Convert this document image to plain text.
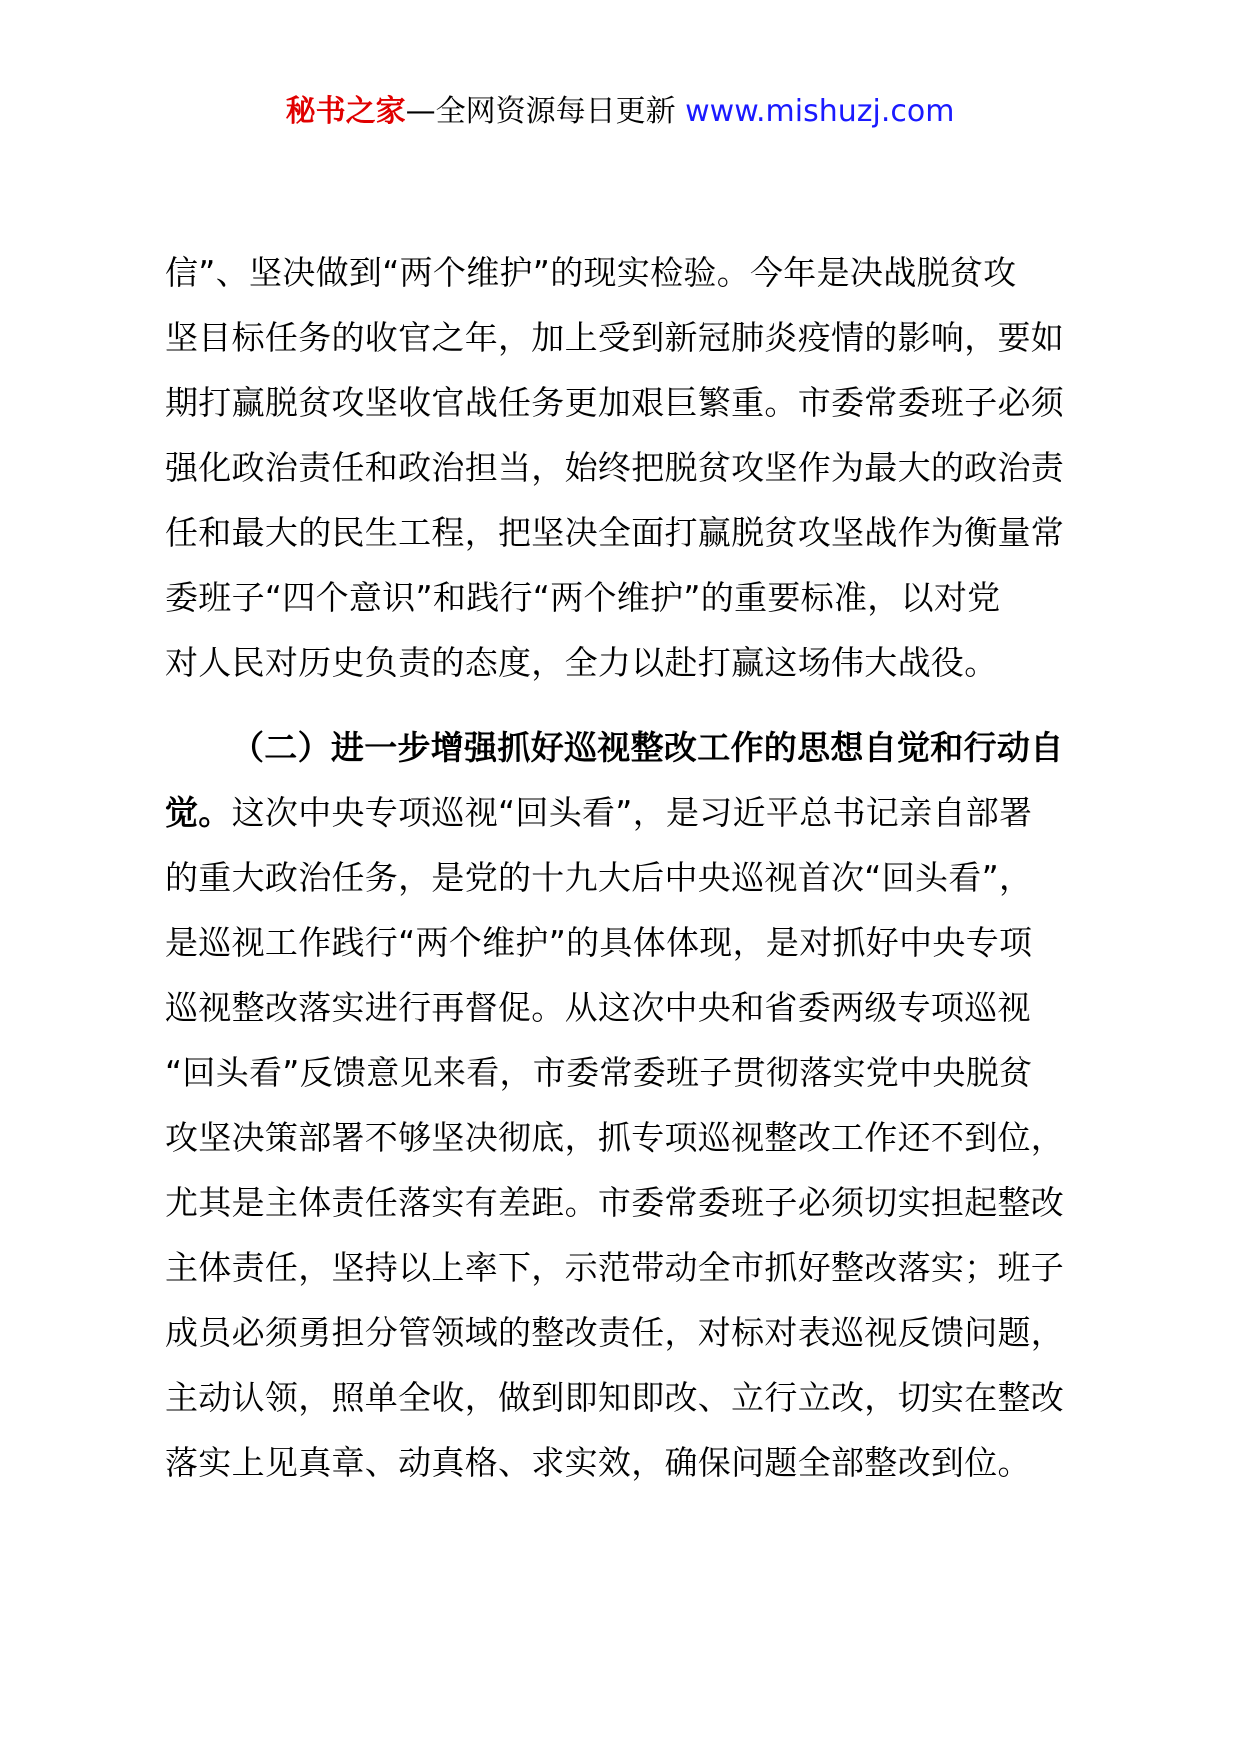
秘书之家—全网资源每日更新 www.mishuzj.com
信”、坚决做到“两个维护”的现实检验。今年是决战脱贫攻
坚目标任务的收官之年，加上受到新冠肺炎疫情的影响，要如
期打赢脱贫攻坚收官战任务更加艰巨繁重。市委常委班子必须
强化政治责任和政治担当，始终把脱贫攻坚作为最大的政治责
任和最大的民生工程，把坚决全面打赢脱贫攻坚战作为衡量常
委班子“四个意识”和践行“两个维护”的重要标准，以对党
对人民对历史负责的态度，全力以赴打赢这场伟大战役。
（二）进一步增强抓好巡视整改工作的思想自觉和行动自
觉。这次中央专项巡视“回头看”，是习近平总书记亲自部署
的重大政治任务，是党的十九大后中央巡视首次“回头看”，
是巡视工作践行“两个维护”的具体体现，是对抓好中央专项
巡视整改落实进行再督促。从这次中央和省委两级专项巡视
“回头看”反馈意见来看，市委常委班子贯彻落实党中央脱贫
攻坚决策部署不够坚决彻底，抓专项巡视整改工作还不到位，
尤其是主体责任落实有差距。市委常委班子必须切实担起整改
主体责任，坚持以上率下，示范带动全市抓好整改落实；班子
成员必须勇担分管领域的整改责任，对标对表巡视反馈问题，
主动认领，照单全收，做到即知即改、立行立改，切实在整改
落实上见真章、动真格、求实效，确保问题全部整改到位。
